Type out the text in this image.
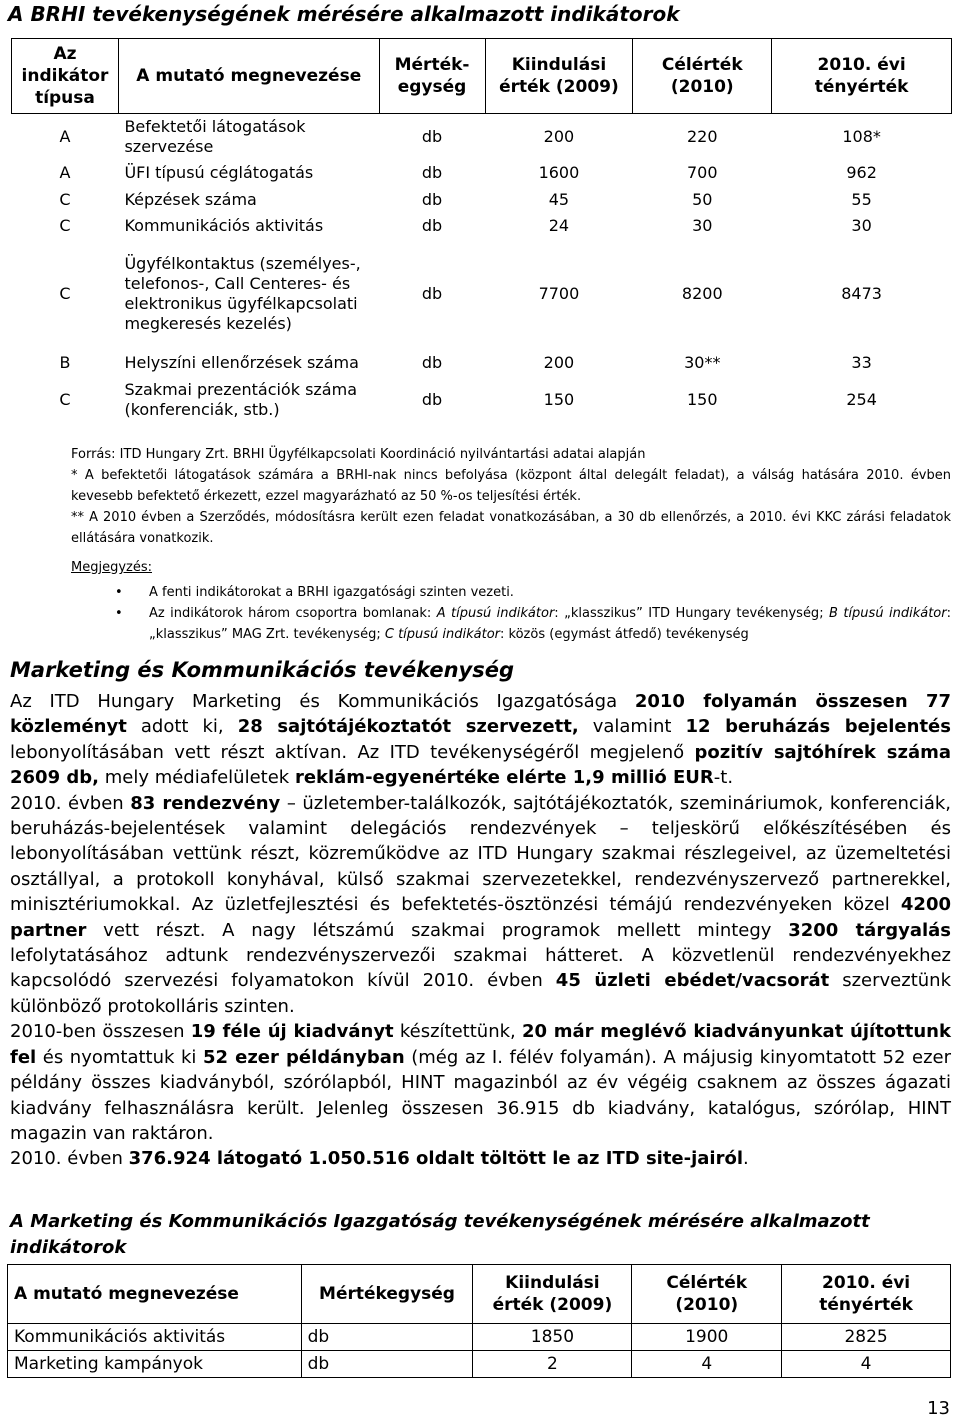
A BRHI tevékenységének mérésére alkalmazott indikátorok
Az indikátor típusa	A mutató megnevezése	Mérték-egység	Kiindulási érték (2009)	Célérték (2010)	2010. évi tényérték
A	Befektetői látogatások szervezése	db	200	220	108*
A	ÜFI típusú céglátogatás	db	1600	700	962
C	Képzések száma	db	45	50	55
C	Kommunikációs aktivitás	db	24	30	30
C	Ügyfélkontaktus (személyes-, telefonos-, Call Centeres- és elektronikus ügyfélkapcsolati megkeresés kezelés)	db	7700	8200	8473
B	Helyszíni ellenőrzések száma	db	200	30**	33
C	Szakmai prezentációk száma (konferenciák, stb.)	db	150	150	254
Forrás: ITD Hungary Zrt. BRHI Ügyfélkapcsolati Koordináció nyilvántartási adatai alapján
* A befektetői látogatások számára a BRHI-nak nincs befolyása (központ által delegált feladat), a válság hatására 2010. évben kevesebb befektető érkezett, ezzel magyarázható az 50 %-os teljesítési érték.
** A 2010 évben a Szerződés, módosításra került ezen feladat vonatkozásában, a 30 db ellenőrzés, a 2010. évi KKC zárási feladatok ellátására vonatkozik.
Megjegyzés:
• A fenti indikátorokat a BRHI igazgatósági szinten vezeti.
• Az indikátorok három csoportra bomlanak: A típusú indikátor: „klasszikus” ITD Hungary tevékenység; B típusú indikátor: „klasszikus” MAG Zrt. tevékenység; C típusú indikátor: közös (egymást átfedő) tevékenység
Marketing és Kommunikációs tevékenység

Az ITD Hungary Marketing és Kommunikációs Igazgatósága 2010 folyamán összesen 77 közleményt adott ki, 28 sajtótájékoztatót szervezett, valamint 12 beruházás bejelentés lebonyolításában vett részt aktívan. Az ITD tevékenységéről megjelenő pozitív sajtóhírek száma 2609 db, mely médiafelületek reklám-egyenértéke elérte 1,9 millió EUR-t.

2010. évben 83 rendezvény – üzletember-találkozók, sajtótájékoztatók, szemináriumok, konferenciák, beruházás-bejelentések valamint delegációs rendezvények – teljeskörű előkészítésében és lebonyolításában vettünk részt, közreműködve az ITD Hungary szakmai részlegeivel, az üzemeltetési osztállyal, a protokoll konyhával, külső szakmai szervezetekkel, rendezvényszervező partnerekkel, minisztériumokkal. Az üzletfejlesztési és befektetés-ösztönzési témájú rendezvényeken közel 4200 partner vett részt. A nagy létszámú szakmai programok mellett mintegy 3200 tárgyalás lefolytatásához adtunk rendezvényszervezői szakmai hátteret. A közvetlenül rendezvényekhez kapcsolódó szervezési folyamatokon kívül 2010. évben 45 üzleti ebédet/vacsorát szerveztünk különböző protokolláris szinten.

2010-ben összesen 19 féle új kiadványt készítettünk, 20 már meglévő kiadványunkat újítottunk fel és nyomtattuk ki 52 ezer példányban (még az I. félév folyamán). A májusig kinyomtatott 52 ezer példány összes kiadványból, szórólapból, HINT magazinból az év végéig csaknem az összes ágazati kiadvány felhasználásra került. Jelenleg összesen 36.915 db kiadvány, katalógus, szórólap, HINT magazin van raktáron.

2010. évben 376.924 látogató 1.050.516 oldalt töltött le az ITD site-jairól.

A Marketing és Kommunikációs Igazgatóság tevékenységének mérésére alkalmazott indikátorok
A mutató megnevezése	Mértékegység	Kiindulási érték (2009)	Célérték (2010)	2010. évi tényérték
Kommunikációs aktivitás	db	1850	1900	2825
Marketing kampányok	db	2	4	4
13
